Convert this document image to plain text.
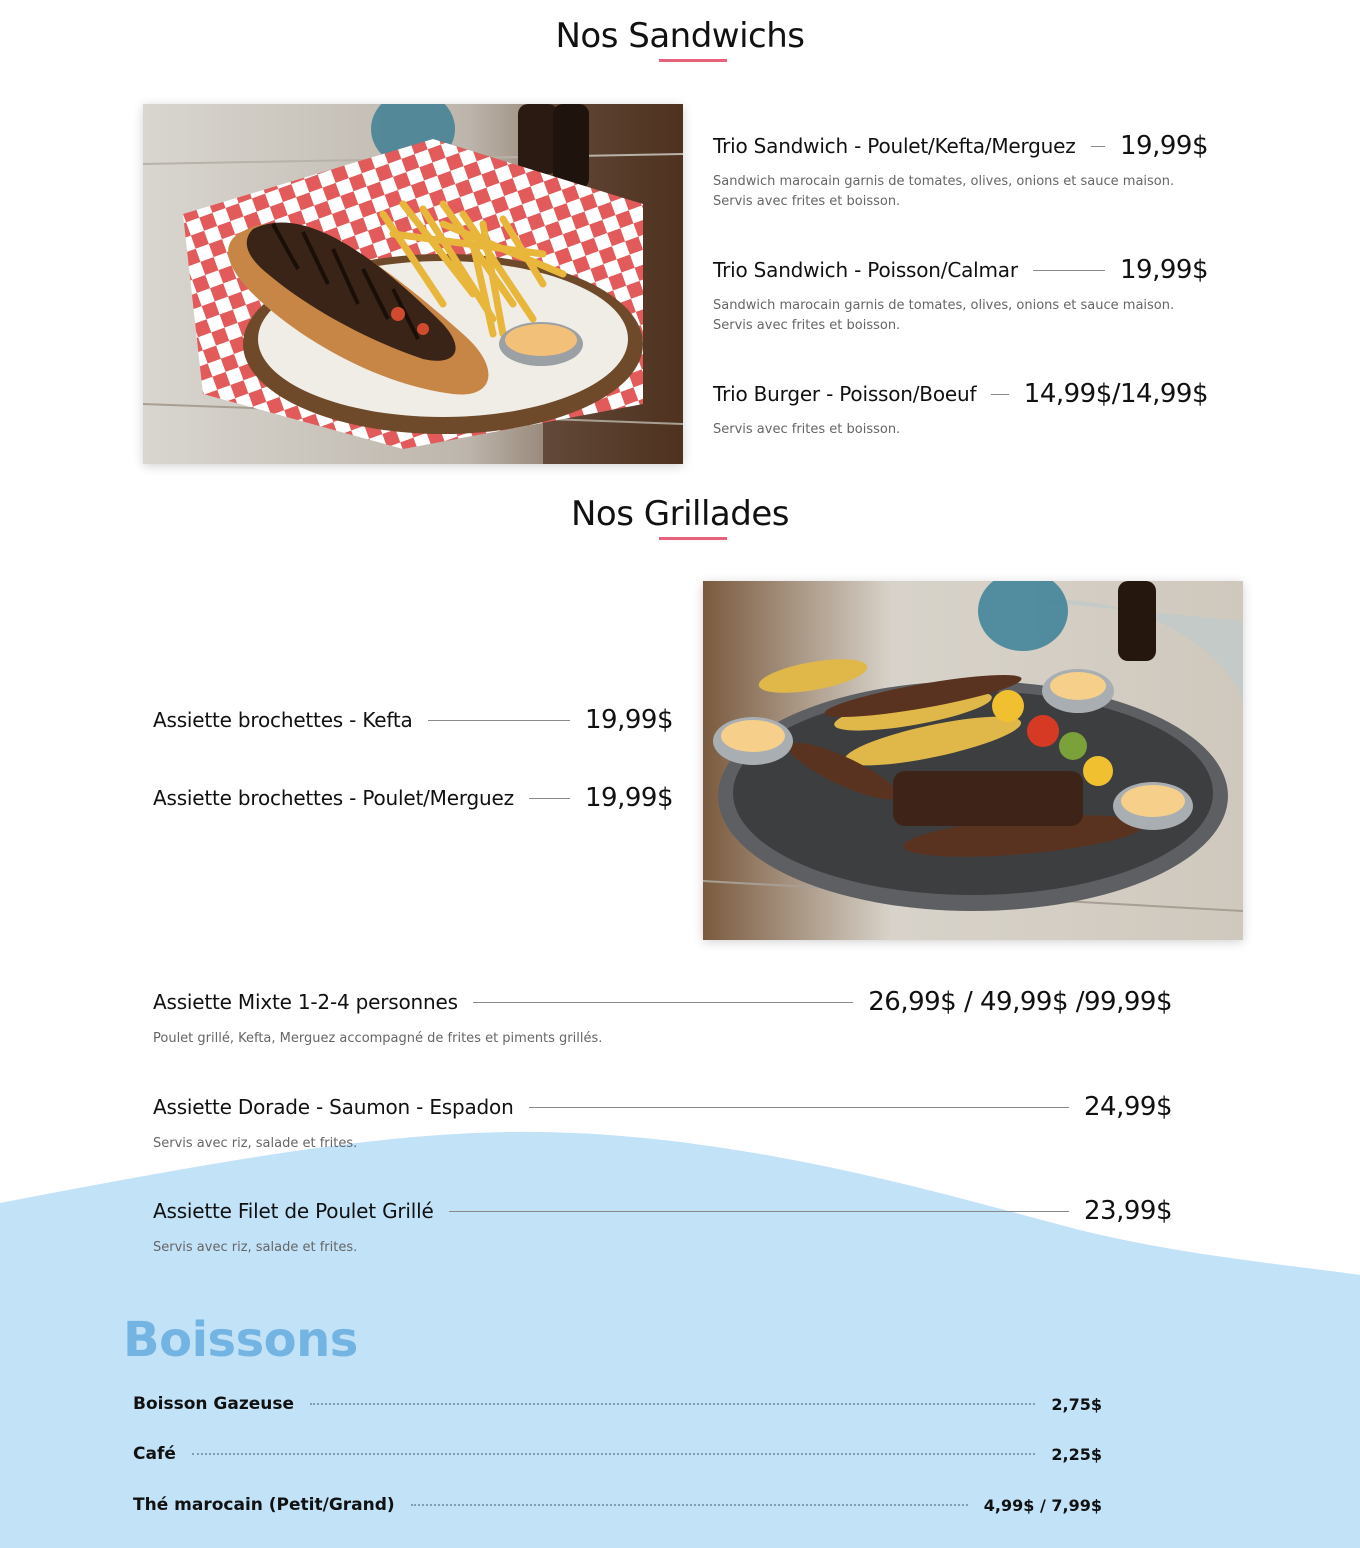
Nos Sandwichs
Trio Sandwich - Poulet/Kefta/Merguez 19,99$
Sandwich marocain garnis de tomates, olives, onions et sauce maison.
Servis avec frites et boisson.
Trio Sandwich - Poisson/Calmar	19,99$
Sandwich marocain garnis de tomates, olives, onions et sauce maison.
Servis avec frites et boisson.
Trio Burger - Poisson/Boeuf 14,99$/14,99$
Servis avec frites et boisson.
Nos Grillades
Assiette brochettes - Kefta	19,99$
Assiette brochettes - Poulet/Merguez	19,99$
Assiette Mixte 1-2-4 personnes	26,99$ / 49,99$ /99,99$
Poulet grillé, Kefta, Merguez accompagné de frites et piments grillés.
Assiette Dorade - Saumon - Espadon	24,99$
Servis avec riz, salade et frites.
Assiette Filet de Poulet Grillé	23,99$
Servis avec riz, salade et frites.
Boissons
Boisson Gazeuse	2,75$
Café	2,25$
Thé marocain (Petit/Grand)	4,99$ / 7,99$
